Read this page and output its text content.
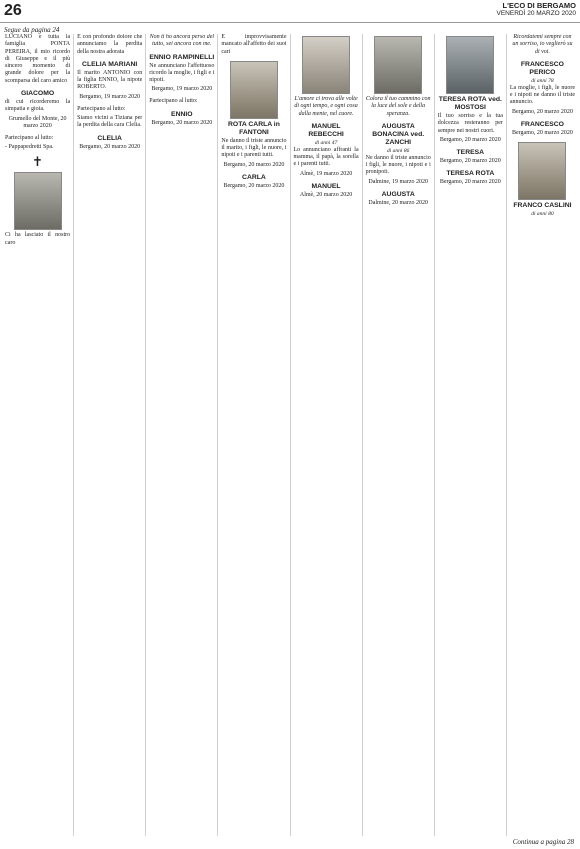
26	L'ECO DI BERGAMO
VENERDÌ 20 MARZO 2020
Segue da pagina 24

LUCIANO e tutta la famiglia PONTA PEREIRA, il mio ricordo di Giuseppe e il più sincero momento di grande dolore per la scomparsa del caro amico

GIACOMO

di cui ricorderemo la simpatia e gioia.

Grumello del Monte, 20 marzo 2020

Partecipano al lutto:

- Pappapedretti Spa.

✝

Ci ha lasciato il nostro caro

È con profondo dolore che annunciamo la perdita della nostra adorata

CLELIA MARIANI

Il marito ANTONIO con la figlia ENNIO, la nipote ROBERTO.

Bergamo, 19 marzo 2020

Partecipano al lutto:

Siamo vicini a Tiziana per la perdita della cara Clelia.

CLELIA
Bergamo, 20 marzo 2020

Non ti ho ancora perso del tutto, sei ancora con me.

ENNIO RAMPINELLI

Ne annunciano l'affettuoso ricordo la moglie, i figli e i nipoti.

Bergamo, 19 marzo 2020

Partecipano al lutto:

ENNIO
Bergamo, 20 marzo 2020

È improvvisamente mancato all'affetto dei suoi cari

ROTA CARLA in FANTONI

Ne danno il triste annuncio il marito, i figli, le nuore, i nipoti e i parenti tutti.

Bergamo, 20 marzo 2020
CARLA
Bergamo, 20 marzo 2020

L'amore ci trova alle volte di ogni tempo, e ogni cosa dalla mente, nel cuore.

MANUEL REBECCHI
di anni 47

Lo annunciano affranti la mamma, il papà, la sorella e i parenti tutti.

Almè, 19 marzo 2020
MANUEL
Almè, 20 marzo 2020

Colora il tuo cammino con la luce del sole e della speranza.

AUGUSTA BONACINA ved. ZANCHI
di anni 86

Ne danno il triste annuncio i figli, le nuore, i nipoti e i pronipoti.

Dalmine, 19 marzo 2020
AUGUSTA
Dalmine, 20 marzo 2020
TERESA ROTA ved. MOSTOSI

Il tuo sorriso e la tua dolcezza resteranno per sempre nei nostri cuori.

Bergamo, 20 marzo 2020
TERESA
Bergamo, 20 marzo 2020
TERESA ROTA
Bergamo, 20 marzo 2020

Ricordatemi sempre con un sorriso, io veglierò su di voi.

FRANCESCO PERICO
di anni 78

La moglie, i figli, le nuore e i nipoti ne danno il triste annuncio.

Bergamo, 20 marzo 2020
FRANCESCO
Bergamo, 20 marzo 2020
FRANCO CASLINI
di anni 80
Continua a pagina 28
